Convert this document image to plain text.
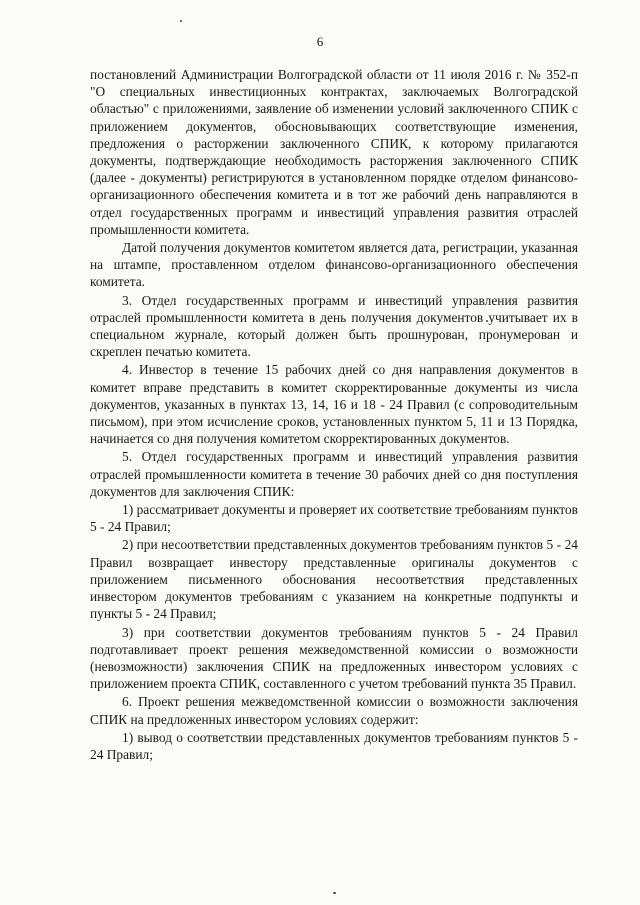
6

постановлений Администрации Волгоградской области от 11 июля 2016 г. № 352-п "О специальных инвестиционных контрактах, заключаемых Волгоградской областью" с приложениями, заявление об изменении условий заключенного СПИК с приложением документов, обосновывающих соответствующие изменения, предложения о расторжении заключенного СПИК, к которому прилагаются документы, подтверждающие необходимость расторжения заключенного СПИК (далее - документы) регистрируются в установленном порядке отделом финансово-организационного обеспечения комитета и в тот же рабочий день направляются в отдел государственных программ и инвестиций управления развития отраслей промышленности комитета.

Датой получения документов комитетом является дата, регистрации, указанная на штампе, проставленном отделом финансово-организационного обеспечения комитета.

3. Отдел государственных программ и инвестиций управления развития отраслей промышленности комитета в день получения документов учитывает их в специальном журнале, который должен быть прошнурован, пронумерован и скреплен печатью комитета.

4. Инвестор в течение 15 рабочих дней со дня направления документов в комитет вправе представить в комитет скорректированные документы из числа документов, указанных в пунктах 13, 14, 16 и 18 - 24 Правил (с сопроводительным письмом), при этом исчисление сроков, установленных пунктом 5, 11 и 13 Порядка, начинается со дня получения комитетом скорректированных документов.

5. Отдел государственных программ и инвестиций управления развития отраслей промышленности комитета в течение 30 рабочих дней со дня поступления документов для заключения СПИК:

1) рассматривает документы и проверяет их соответствие требованиям пунктов 5 - 24 Правил;

2) при несоответствии представленных документов требованиям пунктов 5 - 24 Правил возвращает инвестору представленные оригиналы документов с приложением письменного обоснования несоответствия представленных инвестором документов требованиям с указанием на конкретные подпункты и пункты 5 - 24 Правил;

3) при соответствии документов требованиям пунктов 5 - 24 Правил подготавливает проект решения межведомственной комиссии о возможности (невозможности) заключения СПИК на предложенных инвестором условиях с приложением проекта СПИК, составленного с учетом требований пункта 35 Правил.

6. Проект решения межведомственной комиссии о возможности заключения СПИК на предложенных инвестором условиях содержит:

1) вывод о соответствии представленных документов требованиям пунктов 5 - 24 Правил;
